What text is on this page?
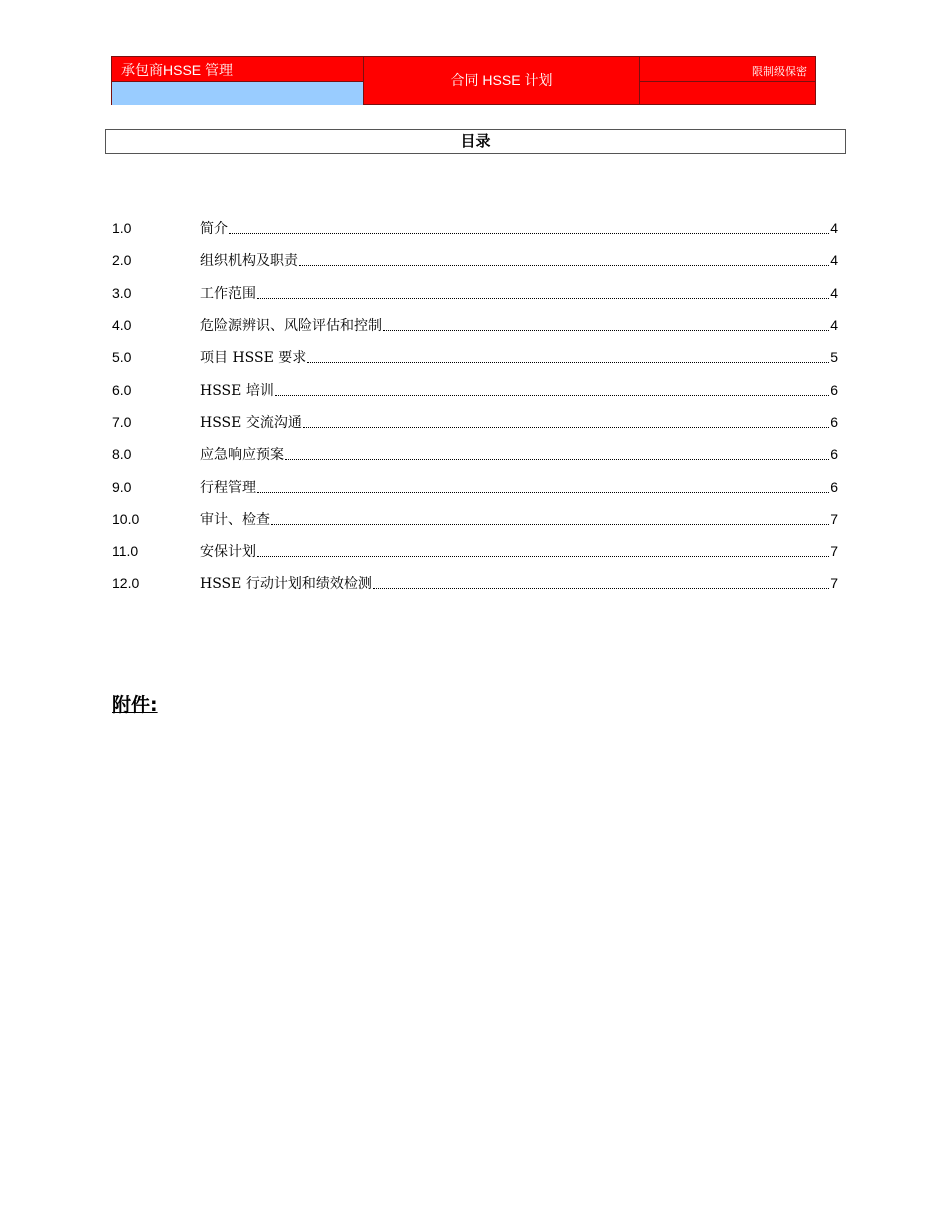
承包商HSSE 管理
合同 HSSE 计划	限制级保密
目录
1.0	简介	4
2.0	组织机构及职责	4
3.0	工作范围	4
4.0	危险源辨识、风险评估和控制	4
5.0	项目 HSSE 要求	5
6.0	HSSE 培训	6
7.0	HSSE 交流沟通	6
8.0	应急响应预案	6
9.0	行程管理	6
10.0	审计、检查	7
11.0	安保计划	7
12.0	HSSE 行动计划和绩效检测	7
附件:
